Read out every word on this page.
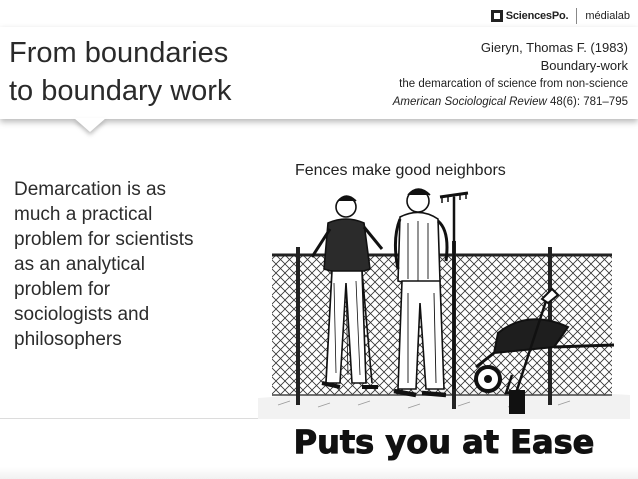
SciencesPo. médialab
From boundaries
to boundary work
Gieryn, Thomas F. (1983)
Boundary-work
the demarcation of science from non-science
American Sociological Review 48(6): 781–795
Demarcation is as
much a practical
problem for scientists
as an analytical
problem for
sociologists and
philosophers
Fences make good neighbors
Puts you at Ease
